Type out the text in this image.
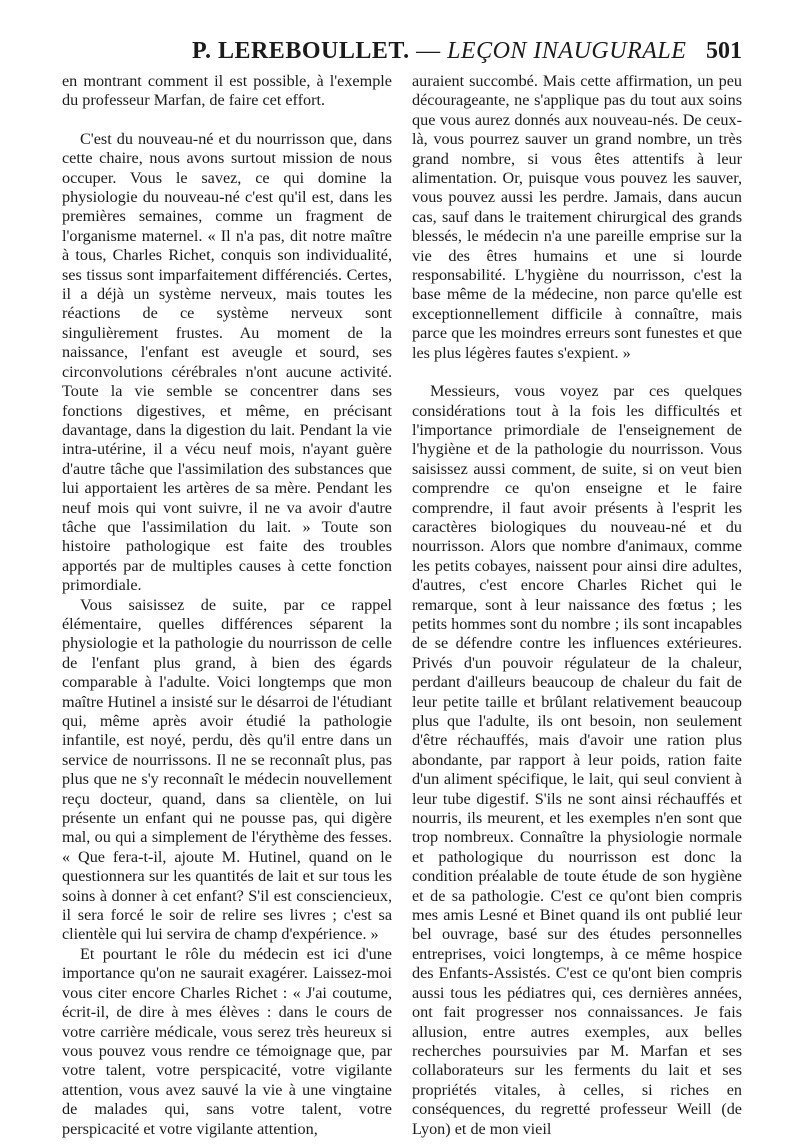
P. LEREBOULLET. — LEÇON INAUGURALE 501

en montrant comment il est possible, à l'exemple du professeur Marfan, de faire cet effort.

C'est du nouveau-né et du nourrisson que, dans cette chaire, nous avons surtout mission de nous occuper. Vous le savez, ce qui domine la physiologie du nouveau-né c'est qu'il est, dans les premières semaines, comme un fragment de l'organisme maternel. « Il n'a pas, dit notre maître à tous, Charles Richet, conquis son individualité, ses tissus sont imparfaitement différenciés. Certes, il a déjà un système nerveux, mais toutes les réactions de ce système nerveux sont singulièrement frustes. Au moment de la naissance, l'enfant est aveugle et sourd, ses circonvolutions cérébrales n'ont aucune activité. Toute la vie semble se concentrer dans ses fonctions digestives, et même, en précisant davantage, dans la digestion du lait. Pendant la vie intra-utérine, il a vécu neuf mois, n'ayant guère d'autre tâche que l'assimilation des substances que lui apportaient les artères de sa mère. Pendant les neuf mois qui vont suivre, il ne va avoir d'autre tâche que l'assimilation du lait. » Toute son histoire pathologique est faite des troubles apportés par de multiples causes à cette fonction primordiale.

Vous saisissez de suite, par ce rappel élémentaire, quelles différences séparent la physiologie et la pathologie du nourrisson de celle de l'enfant plus grand, à bien des égards comparable à l'adulte. Voici longtemps que mon maître Hutinel a insisté sur le désarroi de l'étudiant qui, même après avoir étudié la pathologie infantile, est noyé, perdu, dès qu'il entre dans un service de nourrissons. Il ne se reconnaît plus, pas plus que ne s'y reconnaît le médecin nouvellement reçu docteur, quand, dans sa clientèle, on lui présente un enfant qui ne pousse pas, qui digère mal, ou qui a simplement de l'érythème des fesses. « Que fera-t-il, ajoute M. Hutinel, quand on le questionnera sur les quantités de lait et sur tous les soins à donner à cet enfant? S'il est consciencieux, il sera forcé le soir de relire ses livres ; c'est sa clientèle qui lui servira de champ d'expérience. »

Et pourtant le rôle du médecin est ici d'une importance qu'on ne saurait exagérer. Laissez-moi vous citer encore Charles Richet : « J'ai coutume, écrit-il, de dire à mes élèves : dans le cours de votre carrière médicale, vous serez très heureux si vous pouvez vous rendre ce témoignage que, par votre talent, votre perspicacité, votre vigilante attention, vous avez sauvé la vie à une vingtaine de malades qui, sans votre talent, votre perspicacité et votre vigilante attention,

auraient succombé. Mais cette affirmation, un peu décourageante, ne s'applique pas du tout aux soins que vous aurez donnés aux nouveau-nés. De ceux-là, vous pourrez sauver un grand nombre, un très grand nombre, si vous êtes attentifs à leur alimentation. Or, puisque vous pouvez les sauver, vous pouvez aussi les perdre. Jamais, dans aucun cas, sauf dans le traitement chirurgical des grands blessés, le médecin n'a une pareille emprise sur la vie des êtres humains et une si lourde responsabilité. L'hygiène du nourrisson, c'est la base même de la médecine, non parce qu'elle est exceptionnellement difficile à connaître, mais parce que les moindres erreurs sont funestes et que les plus légères fautes s'expient. »

Messieurs, vous voyez par ces quelques considérations tout à la fois les difficultés et l'importance primordiale de l'enseignement de l'hygiène et de la pathologie du nourrisson. Vous saisissez aussi comment, de suite, si on veut bien comprendre ce qu'on enseigne et le faire comprendre, il faut avoir présents à l'esprit les caractères biologiques du nouveau-né et du nourrisson. Alors que nombre d'animaux, comme les petits cobayes, naissent pour ainsi dire adultes, d'autres, c'est encore Charles Richet qui le remarque, sont à leur naissance des fœtus ; les petits hommes sont du nombre ; ils sont incapables de se défendre contre les influences extérieures. Privés d'un pouvoir régulateur de la chaleur, perdant d'ailleurs beaucoup de chaleur du fait de leur petite taille et brûlant relativement beaucoup plus que l'adulte, ils ont besoin, non seulement d'être réchauffés, mais d'avoir une ration plus abondante, par rapport à leur poids, ration faite d'un aliment spécifique, le lait, qui seul convient à leur tube digestif. S'ils ne sont ainsi réchauffés et nourris, ils meurent, et les exemples n'en sont que trop nombreux. Connaître la physiologie normale et pathologique du nourrisson est donc la condition préalable de toute étude de son hygiène et de sa pathologie. C'est ce qu'ont bien compris mes amis Lesné et Binet quand ils ont publié leur bel ouvrage, basé sur des études personnelles entreprises, voici longtemps, à ce même hospice des Enfants-Assistés. C'est ce qu'ont bien compris aussi tous les pédiatres qui, ces dernières années, ont fait progresser nos connaissances. Je fais allusion, entre autres exemples, aux belles recherches poursuivies par M. Marfan et ses collaborateurs sur les ferments du lait et ses propriétés vitales, à celles, si riches en conséquences, du regretté professeur Weill (de Lyon) et de mon vieil
